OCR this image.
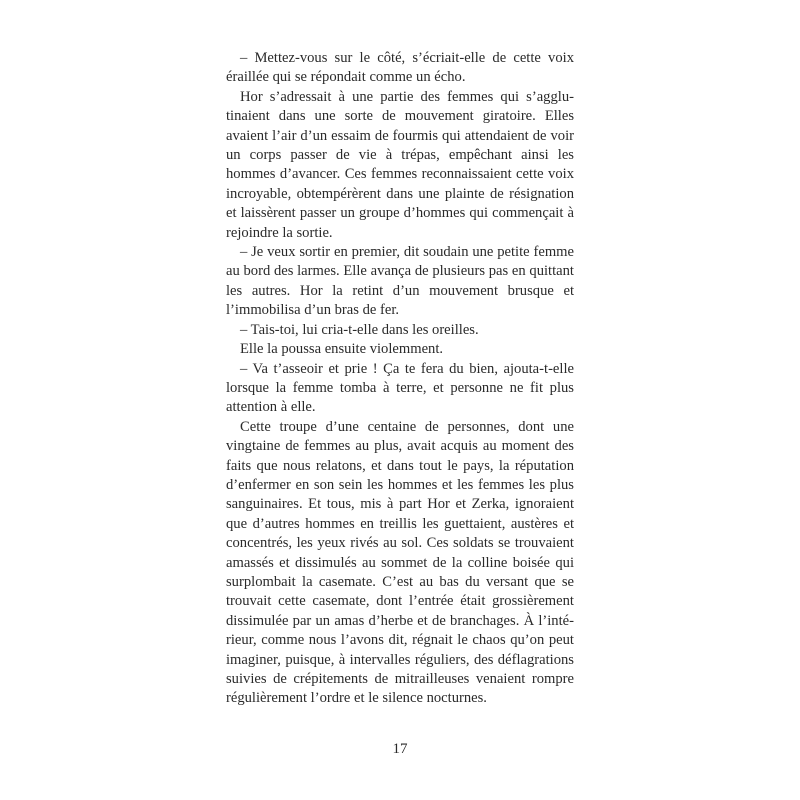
– Mettez-vous sur le côté, s’écriait-elle de cette voix éraillée qui se répondait comme un écho.

Hor s’adressait à une partie des femmes qui s’agglutinaient dans une sorte de mouvement giratoire. Elles avaient l’air d’un essaim de fourmis qui attendaient de voir un corps passer de vie à trépas, empêchant ainsi les hommes d’avancer. Ces femmes reconnaissaient cette voix incroyable, obtempérèrent dans une plainte de résignation et laissèrent passer un groupe d’hommes qui commençait à rejoindre la sortie.

– Je veux sortir en premier, dit soudain une petite femme au bord des larmes. Elle avança de plusieurs pas en quittant les autres. Hor la retint d’un mouvement brusque et l’immobilisa d’un bras de fer.

– Tais-toi, lui cria-t-elle dans les oreilles.

Elle la poussa ensuite violemment.

– Va t’asseoir et prie ! Ça te fera du bien, ajouta-t-elle lorsque la femme tomba à terre, et personne ne fit plus attention à elle.

Cette troupe d’une centaine de personnes, dont une vingtaine de femmes au plus, avait acquis au moment des faits que nous relatons, et dans tout le pays, la réputation d’enfermer en son sein les hommes et les femmes les plus sanguinaires. Et tous, mis à part Hor et Zerka, ignoraient que d’autres hommes en treillis les guettaient, austères et concentrés, les yeux rivés au sol. Ces soldats se trouvaient amassés et dissimulés au sommet de la colline boisée qui surplombait la casemate. C’est au bas du versant que se trouvait cette casemate, dont l’entrée était grossièrement dissimulée par un amas d’herbe et de branchages. À l’intérieur, comme nous l’avons dit, régnait le chaos qu’on peut imaginer, puisque, à intervalles réguliers, des déflagrations suivies de crépitements de mitrailleuses venaient rompre régulièrement l’ordre et le silence nocturnes.

17
